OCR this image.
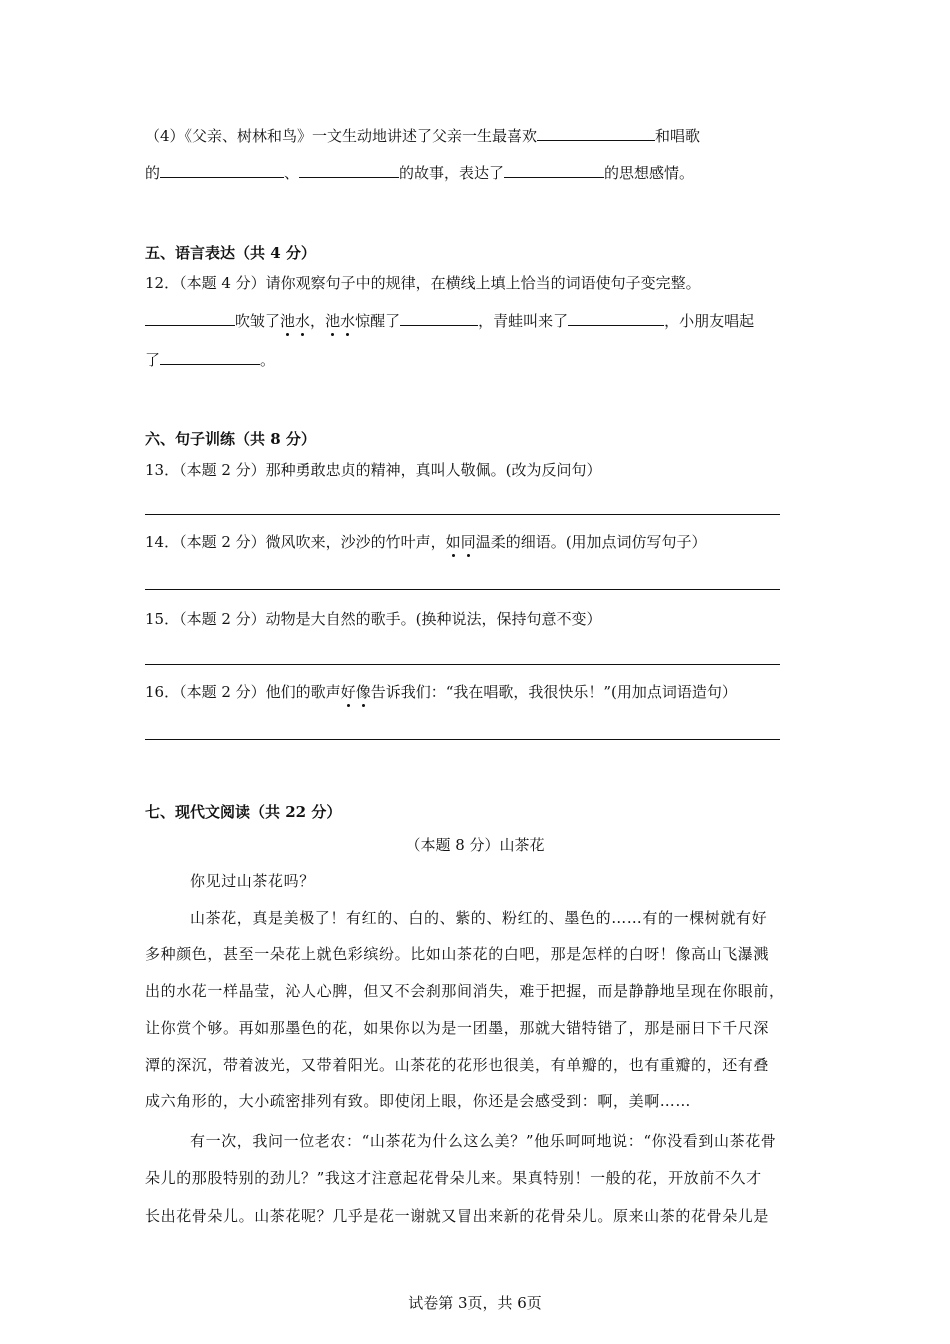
（4）《父亲、树林和鸟》一文生动地讲述了父亲一生最喜欢	和唱歌
的	、	的故事，表达了	的思想感情。
五、语言表达（共 4 分）
12．（本题 4 分）请你观察句子中的规律，在横线上填上恰当的词语使句子变完整。
吹皱了池水，池水惊醒了	，青蛙叫来了	，小朋友唱起
了	。
六、句子训练（共 8 分）
13．（本题 2 分）那种勇敢忠贞的精神，真叫人敬佩。(改为反问句）
14．（本题 2 分）微风吹来，沙沙的竹叶声，如同温柔的细语。(用加点词仿写句子）
15．（本题 2 分）动物是大自然的歌手。(换种说法，保持句意不变）
16．（本题 2 分）他们的歌声好像告诉我们：“我在唱歌，我很快乐！”(用加点词语造句）
七、现代文阅读（共 22 分）
（本题 8 分）山茶花
你见过山茶花吗？
山茶花，真是美极了！有红的、白的、紫的、粉红的、墨色的……有的一棵树就有好
多种颜色，甚至一朵花上就色彩缤纷。比如山茶花的白吧，那是怎样的白呀！像高山飞瀑溅
出的水花一样晶莹，沁人心脾，但又不会刹那间消失，难于把握，而是静静地呈现在你眼前，
让你赏个够。再如那墨色的花，如果你以为是一团墨，那就大错特错了，那是丽日下千尺深
潭的深沉，带着波光，又带着阳光。山茶花的花形也很美，有单瓣的，也有重瓣的，还有叠
成六角形的，大小疏密排列有致。即使闭上眼，你还是会感受到：啊，美啊……
有一次，我问一位老农：“山茶花为什么这么美？”他乐呵呵地说：“你没看到山茶花骨
朵儿的那股特别的劲儿？”我这才注意起花骨朵儿来。果真特别！一般的花，开放前不久才
长出花骨朵儿。山茶花呢？几乎是花一谢就又冒出来新的花骨朵儿。原来山茶的花骨朵儿是
试卷第 3页，共 6页
